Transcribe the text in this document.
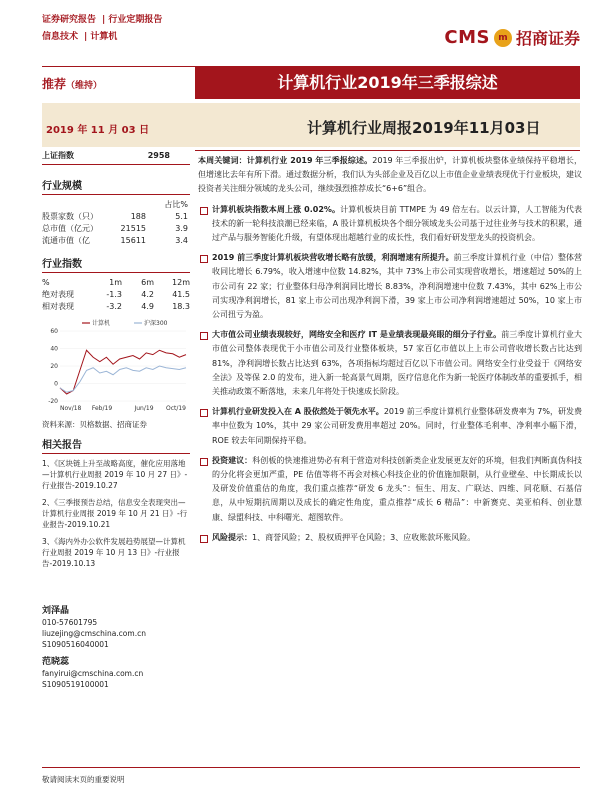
证券研究报告 | 行业定期报告
信息技术 | 计算机	CMS m 招商证券
推荐（维持）	计算机行业2019年三季报综述
2019 年 11 月 03 日	计算机行业周报2019年11月03日
上证指数	2958
行业规模
占比%
股票家数（只）	188	5.1
总市值（亿元）	21515	3.9
流通市值（亿	15611	3.4
行业指数
%	1m	6m	12m
绝对表现	-1.3	4.2	41.5
相对表现	-3.2	4.9	18.3
60
40
20
0
-20
Nov/18 Feb/19	Jun/19 Oct/19
计算机	沪深300
资料来源：贝格数据、招商证券
相关报告
1、《区块链上升至战略高度，催化应用落地—计算机行业周报 2019 年 10 月 27 日》-行业报告-2019.10.27
2、《三季报预告总结，信息安全表现突出—计算机行业周报 2019 年 10 月 21 日》-行业报告-2019.10.21
3、《海内外办公软件发展趋势展望—计算机行业周报 2019 年 10 月 13 日》-行业报告-2019.10.13
刘泽晶
010-57601795
liuzejing@cmschina.com.cn
S1090516040001
范晓蕊
fanyirui@cmschina.com.cn
S1090519100001

本周关键词：计算机行业 2019 年三季报综述。2019 年三季报出炉，计算机板块整体业绩保持平稳增长，但增速比去年有所下滑。通过数据分析，我们认为头部企业及百亿以上市值企业业绩表现优于行业板块，建议投资者关注细分领域的龙头公司，继续强烈推荐成长“6+6”组合。

计算机板块指数本周上涨 0.02%。计算机板块目前 TTMPE 为 49 倍左右。以云计算，人工智能为代表技术的新一轮科技浪潮已经来临，A 股计算机板块各个细分领域龙头公司基于过往业务与技术的积累，通过产品与服务智能化升级，有望体现出超越行业的成长性，我们看好研发型龙头的投资机会。

2019 前三季度计算机板块营收增长略有放缓，利润增速有所提升。前三季度计算机行业（中信）整体营收同比增长 6.79%，收入增速中位数 14.82%，其中 73%上市公司实现营收增长，增速超过 50%的上市公司有 22 家；行业整体归母净利润同比增长 8.83%，净利润增速中位数 7.43%，其中 62%上市公司实现净利润增长，81 家上市公司出现净利润下滑，39 家上市公司净利润增速超过 50%，10 家上市公司扭亏为盈。

大市值公司业绩表现较好，网络安全和医疗 IT 是业绩表现最亮眼的细分子行业。前三季度计算机行业大市值公司整体表现优于小市值公司及行业整体板块，57 家百亿市值以上上市公司营收增长数占比达到 81%，净利润增长数占比达到 63%，各项指标均超过百亿以下市值公司。网络安全行业受益于《网络安全法》及等保 2.0 的发布，进入新一轮高景气周期，医疗信息化作为新一轮医疗体制改革的重要抓手，相关推动政策不断落地，未来几年将处于快速成长阶段。

计算机行业研发投入在 A 股依然处于领先水平。2019 前三季度计算机行业整体研发费率为 7%，研发费率中位数为 10%，其中 29 家公司研发费用率超过 20%。同时，行业整体毛利率、净利率小幅下滑，ROE 较去年同期保持平稳。

投资建议：科创板的快速推进势必有利于营造对科技创新类企业发展更友好的环境，但我们判断真伪科技的分化将会更加严重，PE 估值等将不再会对核心科技企业的价值施加限制，从行业壁垒、中长期成长以及研发价值重估的角度，我们重点推荐“研发 6 龙头”：恒生、用友、广联达、四维、同花顺、石基信息，从中短期抗周期以及成长的确定性角度，重点推荐“成长 6 精品”：中新赛克、美亚柏科、创业慧康、绿盟科技、中科曙光、超图软件。

风险提示：1、商誉风险；2、股权质押平仓风险；3、应收账款坏账风险。

敬请阅读末页的重要说明
